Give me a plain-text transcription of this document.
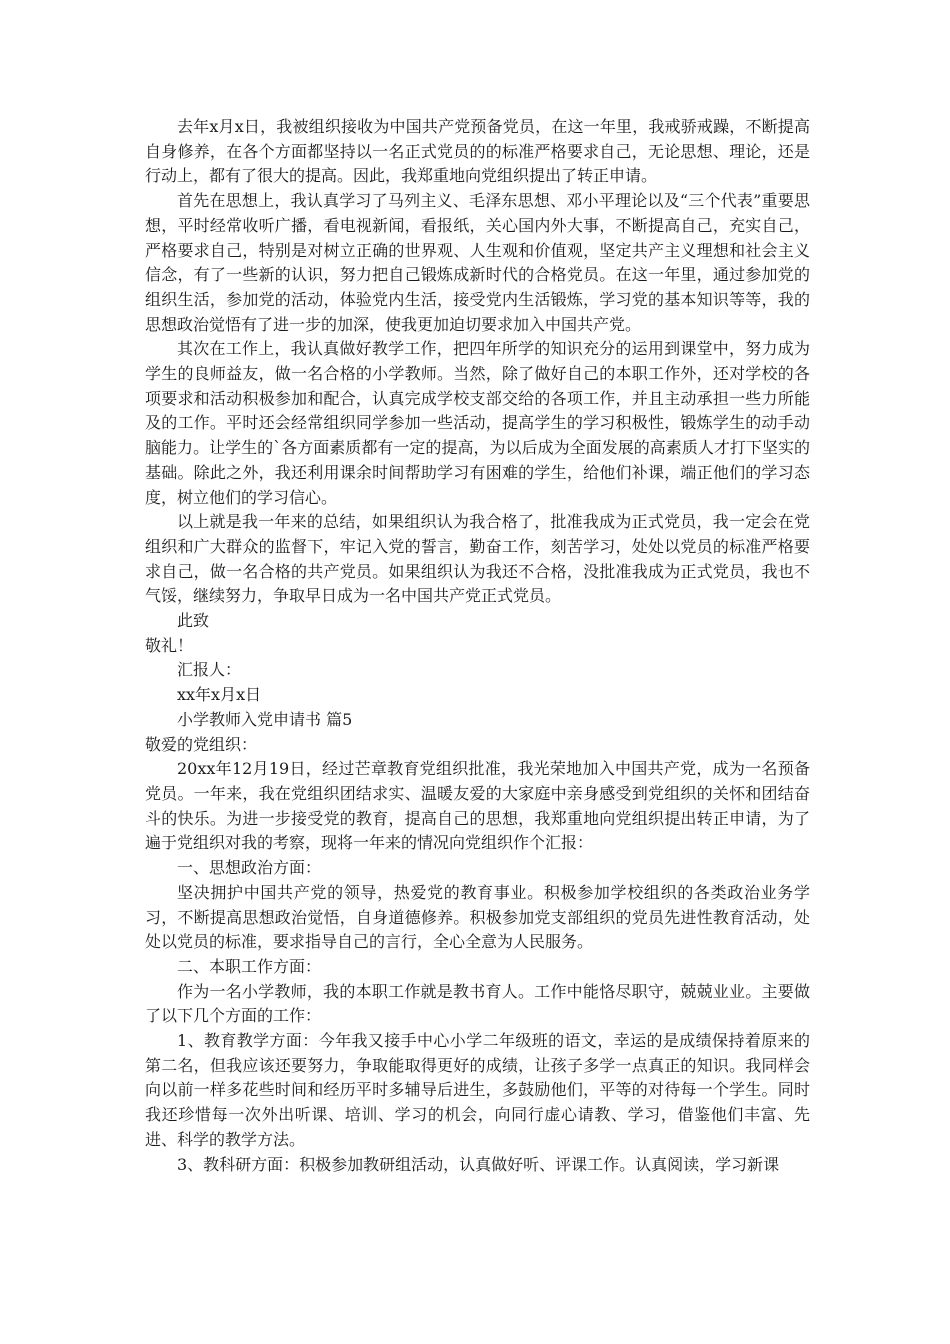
去年x月x日，我被组织接收为中国共产党预备党员，在这一年里，我戒骄戒躁，不断提高自身修养，在各个方面都坚持以一名正式党员的的标准严格要求自己，无论思想、理论，还是行动上，都有了很大的提高。因此，我郑重地向党组织提出了转正申请。

首先在思想上，我认真学习了马列主义、毛泽东思想、邓小平理论以及“三个代表”重要思想，平时经常收听广播，看电视新闻，看报纸，关心国内外大事，不断提高自己，充实自己，严格要求自己，特别是对树立正确的世界观、人生观和价值观，坚定共产主义理想和社会主义信念，有了一些新的认识，努力把自己锻炼成新时代的合格党员。在这一年里，通过参加党的组织生活，参加党的活动，体验党内生活，接受党内生活锻炼，学习党的基本知识等等，我的思想政治觉悟有了进一步的加深，使我更加迫切要求加入中国共产党。

其次在工作上，我认真做好教学工作，把四年所学的知识充分的运用到课堂中，努力成为学生的良师益友，做一名合格的小学教师。当然，除了做好自己的本职工作外，还对学校的各项要求和活动积极参加和配合，认真完成学校支部交给的各项工作，并且主动承担一些力所能及的工作。平时还会经常组织同学参加一些活动，提高学生的学习积极性，锻炼学生的动手动脑能力。让学生的`各方面素质都有一定的提高，为以后成为全面发展的高素质人才打下坚实的基础。除此之外，我还利用课余时间帮助学习有困难的学生，给他们补课，端正他们的学习态度，树立他们的学习信心。

以上就是我一年来的总结，如果组织认为我合格了，批准我成为正式党员，我一定会在党组织和广大群众的监督下，牢记入党的誓言，勤奋工作，刻苦学习，处处以党员的标准严格要求自己，做一名合格的共产党员。如果组织认为我还不合格，没批准我成为正式党员，我也不气馁，继续努力，争取早日成为一名中国共产党正式党员。

此致

敬礼！

汇报人：

xx年x月x日

小学教师入党申请书 篇5

敬爱的党组织：

20xx年12月19日，经过芒章教育党组织批准，我光荣地加入中国共产党，成为一名预备党员。一年来，我在党组织团结求实、温暖友爱的大家庭中亲身感受到党组织的关怀和团结奋斗的快乐。为进一步接受党的教育，提高自己的思想，我郑重地向党组织提出转正申请，为了遍于党组织对我的考察，现将一年来的情况向党组织作个汇报：

一、思想政治方面：

坚决拥护中国共产党的领导，热爱党的教育事业。积极参加学校组织的各类政治业务学习，不断提高思想政治觉悟，自身道德修养。积极参加党支部组织的党员先进性教育活动，处处以党员的标准，要求指导自己的言行，全心全意为人民服务。

二、本职工作方面：

作为一名小学教师，我的本职工作就是教书育人。工作中能恪尽职守，兢兢业业。主要做了以下几个方面的工作：

1、教育教学方面：今年我又接手中心小学二年级班的语文，幸运的是成绩保持着原来的第二名，但我应该还要努力，争取能取得更好的成绩，让孩子多学一点真正的知识。我同样会向以前一样多花些时间和经历平时多辅导后进生，多鼓励他们，平等的对待每一个学生。同时我还珍惜每一次外出听课、培训、学习的机会，向同行虚心请教、学习，借鉴他们丰富、先进、科学的教学方法。

3、教科研方面：积极参加教研组活动，认真做好听、评课工作。认真阅读，学习新课
